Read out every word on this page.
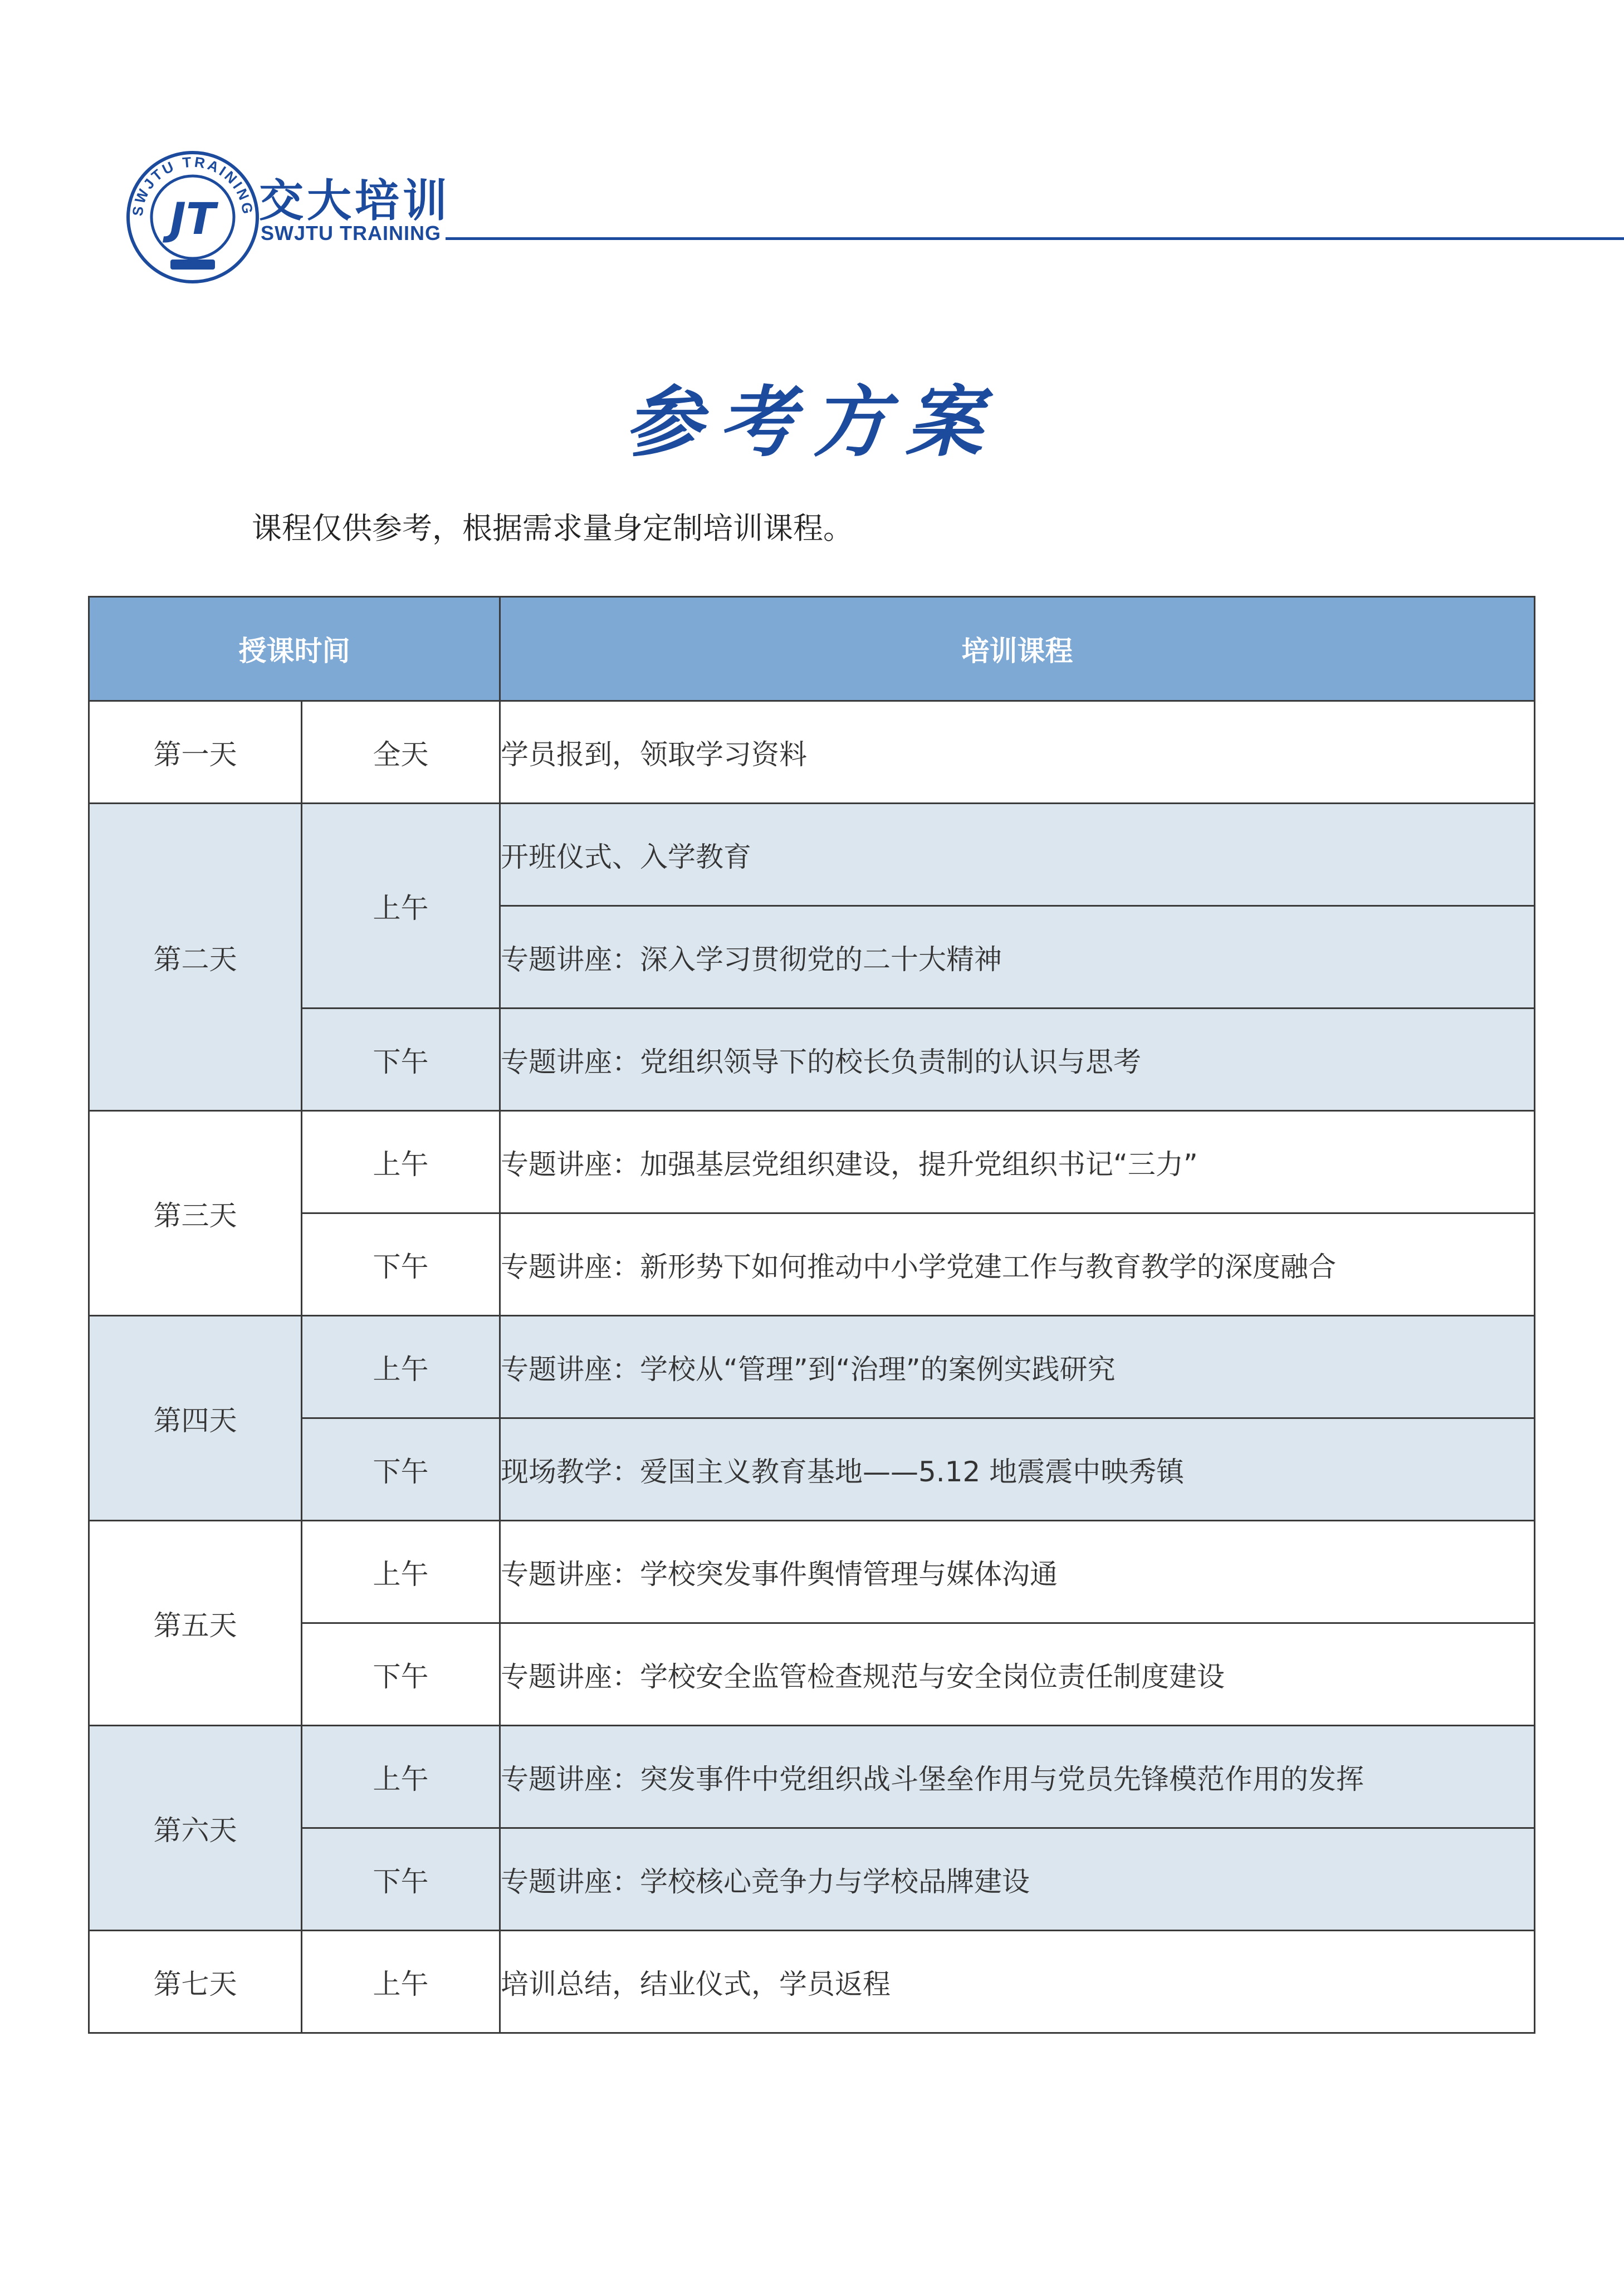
SWJTU TRAINING
JT 交大培训
SWJTU TRAINING
参考方案
课程仅供参考，根据需求量身定制培训课程。
授课时间		培训课程
第一天	全天	学员报到，领取学习资料
第二天	上午	开班仪式、入学教育
		专题讲座：深入学习贯彻党的二十大精神
	下午	专题讲座：党组织领导下的校长负责制的认识与思考
第三天	上午	专题讲座：加强基层党组织建设，提升党组织书记“三力”
	下午	专题讲座：新形势下如何推动中小学党建工作与教育教学的深度融合
第四天	上午	专题讲座：学校从“管理”到“治理”的案例实践研究
	下午	现场教学：爱国主义教育基地——5.12 地震震中映秀镇
第五天	上午	专题讲座：学校突发事件舆情管理与媒体沟通
	下午	专题讲座：学校安全监管检查规范与安全岗位责任制度建设
第六天	上午	专题讲座：突发事件中党组织战斗堡垒作用与党员先锋模范作用的发挥
	下午	专题讲座：学校核心竞争力与学校品牌建设
第七天	上午	培训总结，结业仪式，学员返程
